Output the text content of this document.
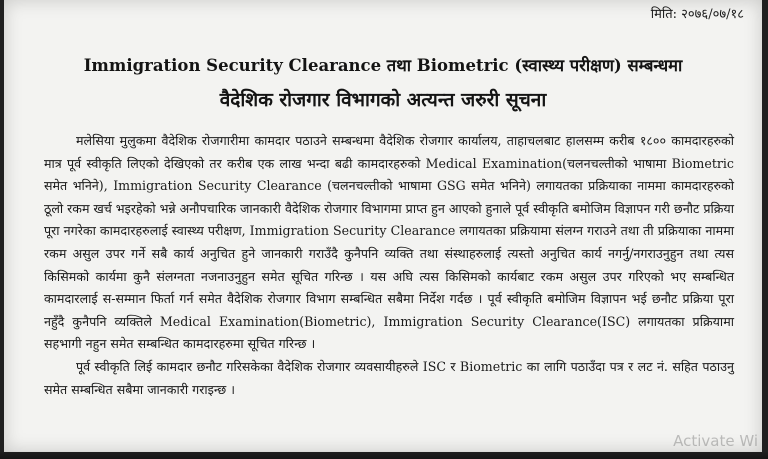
मिति: २०७६/०७/१८
Immigration Security Clearance तथा Biometric (स्वास्थ्य परीक्षण) सम्बन्धमा
वैदेशिक रोजगार विभागको अत्यन्त जरुरी सूचना

मलेसिया मुलुकमा वैदेशिक रोजगारीमा कामदार पठाउने सम्बन्धमा वैदेशिक रोजगार कार्यालय, ताहाचलबाट हालसम्म करीब १८०० कामदारहरुको मात्र पूर्व स्वीकृति लिएको देखिएको तर करीब एक लाख भन्दा बढी कामदारहरुको Medical Examination(चलनचल्तीको भाषामा Biometric समेत भनिने), Immigration Security Clearance (चलनचल्तीको भाषामा GSG समेत भनिने) लगायतका प्रक्रियाका नाममा कामदारहरुको ठूलो रकम खर्च भइरहेको भन्ने अनौपचारिक जानकारी वैदेशिक रोजगार विभागमा प्राप्त हुन आएको हुनाले पूर्व स्वीकृति बमोजिम विज्ञापन गरी छनौट प्रक्रिया पूरा नगरेका कामदारहरुलाई स्वास्थ्य परीक्षण, Immigration Security Clearance लगायतका प्रक्रियामा संलग्न गराउने तथा ती प्रक्रियाका नाममा रकम असुल उपर गर्ने सबै कार्य अनुचित हुने जानकारी गराउँदै कुनैपनि व्यक्ति तथा संस्थाहरुलाई त्यस्तो अनुचित कार्य नगर्नु/नगराउनुहुन तथा त्यस किसिमको कार्यमा कुनै संलग्नता नजनाउनुहुन समेत सूचित गरिन्छ । यस अघि त्यस किसिमको कार्यबाट रकम असुल उपर गरिएको भए सम्बन्धित कामदारलाई स-सम्मान फिर्ता गर्न समेत वैदेशिक रोजगार विभाग सम्बन्धित सबैमा निर्देश गर्दछ । पूर्व स्वीकृति बमोजिम विज्ञापन भई छनौट प्रक्रिया पूरा नहुँदै कुनैपनि व्यक्तिले Medical Examination(Biometric), Immigration Security Clearance(ISC) लगायतका प्रक्रियामा सहभागी नहुन समेत सम्बन्धित कामदारहरुमा सूचित गरिन्छ ।

पूर्व स्वीकृति लिई कामदार छनौट गरिसकेका वैदेशिक रोजगार व्यवसायीहरुले ISC र Biometric का लागि पठाउँदा पत्र र लट नं. सहित पठाउनु समेत सम्बन्धित सबैमा जानकारी गराइन्छ ।

Activate Wi
